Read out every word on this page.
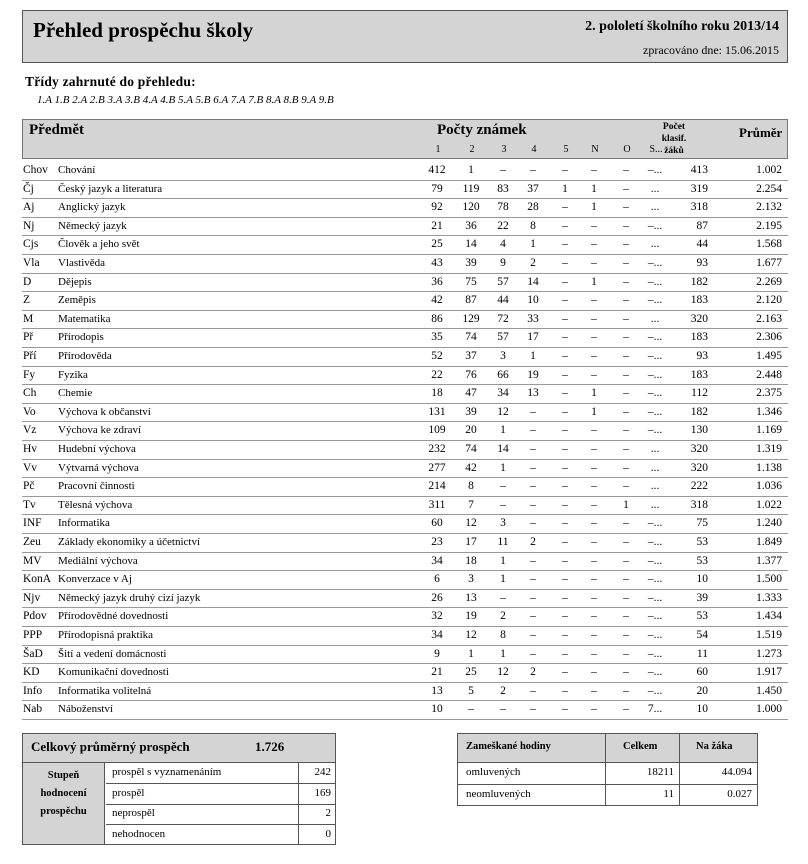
Přehled prospěchu školy	2. pololetí školního roku 2013/14
zpracováno dne: 15.06.2015
Třídy zahrnuté do přehledu:
1.A 1.B 2.A 2.B 3.A 3.B 4.A 4.B 5.A 5.B 6.A 7.A 7.B 8.A 8.B 9.A 9.B
Předmět	Počty známek	Počet
klasif. žáků
Průměr
1	2	3	4	5	N	O	S...
Chov Chování	412	1	–	–	–	–	–	–...	413	1.002
Čj Český jazyk a literatura	79	119	83	37	1	1	–	...	319	2.254
Aj Anglický jazyk	92	120	78	28	–	1	–	...	318	2.132
Nj Německý jazyk	21	36	22	8	–	–	–	–...	87	2.195
Cjs Člověk a jeho svět	25	14	4	1	–	–	–	...	44	1.568
Vla Vlastivěda	43	39	9	2	–	–	–	–...	93	1.677
D Dějepis	36	75	57	14	–	1	–	–...	182	2.269
Z	Zeměpis	42	87	44	10	–	–	–	–...	183	2.120
M Matematika	86	129	72	33	–	–	–	...	320	2.163
Př Přírodopis	35	74	57	17	–	–	–	–...	183	2.306
Pří Přírodověda	52	37	3	1	–	–	–	–...	93	1.495
Fy Fyzika	22	76	66	19	–	–	–	–...	183	2.448
Ch Chemie	18	47	34	13	–	1	–	–...	112	2.375
Vo Výchova k občanství	131	39	12	–	–	1	–	–...	182	1.346
Vz Výchova ke zdraví	109	20	1	–	–	–	–	–...	130	1.169
Hv Hudební výchova	232	74	14	–	–	–	–	...	320	1.319
Vv Výtvarná výchova	277	42	1	–	–	–	–	...	320	1.138
Pč Pracovní činnosti	214	8	–	–	–	–	–	...	222	1.036
Tv Tělesná výchova	311	7	–	–	–	–	1	...	318	1.022
INF Informatika	60	12	3	–	–	–	–	–...	75	1.240
Zeu Základy ekonomiky a účetnictví	23	17	11	2	–	–	–	–...	53	1.849
MV Mediální výchova	34	18	1	–	–	–	–	–...	53	1.377
KonA Konverzace v Aj	6	3	1	–	–	–	–	–...	10	1.500
Njv Německý jazyk druhý cizí jazyk	26	13	–	–	–	–	–	–...	39	1.333
Pdov Přírodovědné dovednosti	32	19	2	–	–	–	–	–...	53	1.434
PPP Přírodopisná praktika	34	12	8	–	–	–	–	–...	54	1.519
ŠaD Šití a vedení domácnosti	9	1	1	–	–	–	–	–...	11	1.273
KD Komunikační dovednosti	21	25	12	2	–	–	–	–...	60	1.917
Info Informatika volitelná	13	5	2	–	–	–	–	–...	20	1.450
Nab Náboženství	10	–	–	–	–	–	–	7...	10	1.000
Celkový průměrný prospěch	1.726
Stupeň
hodnocení
prospěchu
prospěl s vyznamenáním	242
prospěl	169
neprospěl	2
nehodnocen	0
Zameškané hodiny	Celkem	Na žáka
omluvených	18211	44.094
neomluvených	11	0.027
